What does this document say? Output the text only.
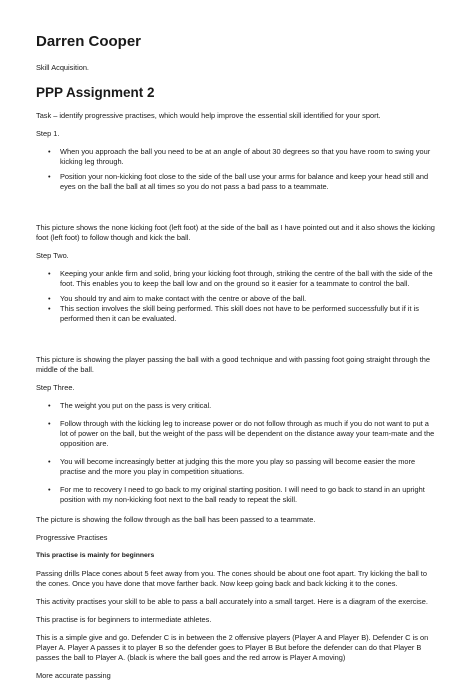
Darren Cooper

Skill Acquisition.

PPP Assignment 2

Task – identify progressive practises, which would help improve the essential skill identified for your sport.

Step 1.

• When you approach the ball you need to be at an angle of about 30 degrees so that you have room to swing your kicking leg through.
• Position your non-kicking foot close to the side of the ball use your arms for balance and keep your head still and eyes on the ball the ball at all times so you do not pass a bad pass to a teammate.

This picture shows the none kicking foot (left foot) at the side of the ball as I have pointed out and it also shows the kicking foot (left foot) to follow though and kick the ball.

Step Two.

• Keeping your ankle firm and solid, bring your kicking foot through, striking the centre of the ball with the side of the foot. This enables you to keep the ball low and on the ground so it easier for a teammate to control the ball.
• You should try and aim to make contact with the centre or above of the ball.
• This section involves the skill being performed. This skill does not have to be performed successfully but if it is performed then it can be evaluated.

This picture is showing the player passing the ball with a good technique and with passing foot going straight through the middle of the ball.

Step Three.

• The weight you put on the pass is very critical.
• Follow through with the kicking leg to increase power or do not follow through as much if you do not want to put a lot of power on the ball, but the weight of the pass will be dependent on the distance away your team-mate and the opposition are.
• You will become increasingly better at judging this the more you play so passing will become easier the more practise and the more you play in competition situations.
• For me to recovery I need to go back to my original starting position. I will need to go back to stand in an upright position with my non-kicking foot next to the ball ready to repeat the skill.

The picture is showing the follow through as the ball has been passed to a teammate.

Progressive Practises

This practise is mainly for beginners

Passing drills Place cones about 5 feet away from you. The cones should be about one foot apart. Try kicking the ball to the cones. Once you have done that move farther back. Now keep going back and back kicking it to the cones.

This activity practises your skill to be able to pass a ball accurately into a small target. Here is a diagram of the exercise.

This practise is for beginners to intermediate athletes.

This is a simple give and go. Defender C is in between the 2 offensive players (Player A and Player B). Defender C is on Player A. Player A passes it to player B so the defender goes to Player B But before the defender can do that Player B passes the ball to Player A. (black is where the ball goes and the red arrow is Player A moving)

More accurate passing
